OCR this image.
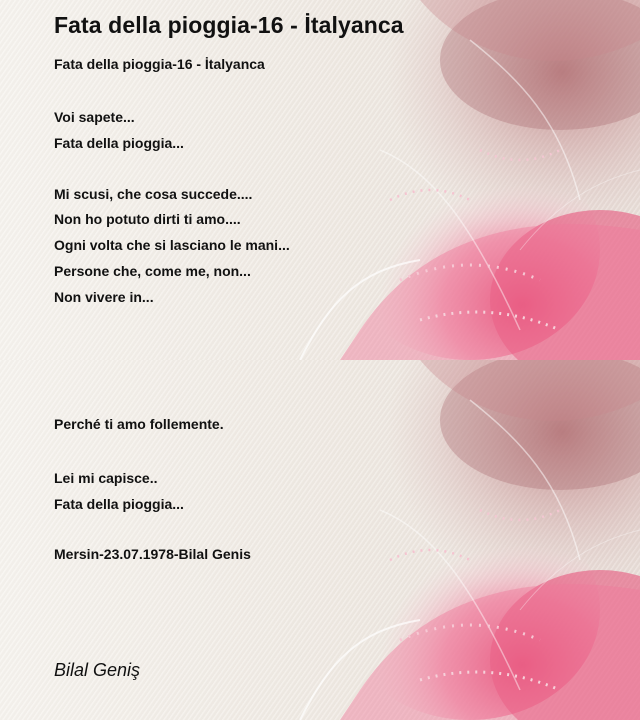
Fata della pioggia-16 - İtalyanca

Fata della pioggia-16 - İtalyanca

Voi sapete...

Fata della pioggia...

Mi scusi, che cosa succede....

Non ho potuto dirti ti amo....

Ogni volta che si lasciano le mani...

Persone che, come me, non...

Non vivere in...

Perché ti amo follemente.

Lei mi capisce..

Fata della pioggia...

Mersin-23.07.1978-Bilal Genis

Bilal Geniş
